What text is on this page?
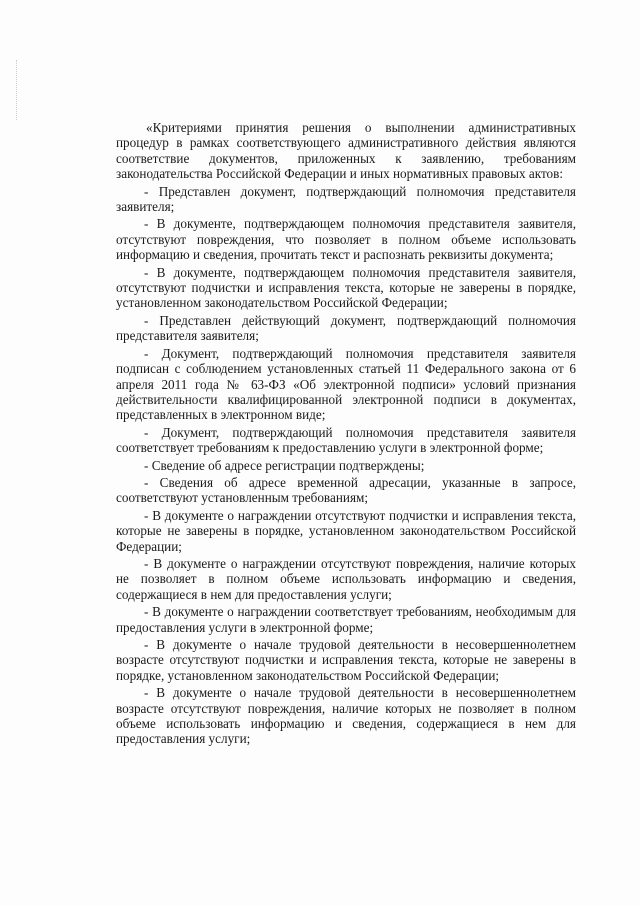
«Критериями принятия решения о выполнении административных процедур в рамках соответствующего административного действия являются соответствие документов, приложенных к заявлению, требованиям законодательства Российской Федерации и иных нормативных правовых актов:

- Представлен документ, подтверждающий полномочия представителя заявителя;

- В документе, подтверждающем полномочия представителя заявителя, отсутствуют повреждения, что позволяет в полном объеме использовать информацию и сведения, прочитать текст и распознать реквизиты документа;

- В документе, подтверждающем полномочия представителя заявителя, отсутствуют подчистки и исправления текста, которые не заверены в порядке, установленном законодательством Российской Федерации;

- Представлен действующий документ, подтверждающий полномочия представителя заявителя;

- Документ, подтверждающий полномочия представителя заявителя подписан с соблюдением установленных статьей 11 Федерального закона от 6 апреля 2011 года № 63-ФЗ «Об электронной подписи» условий признания действительности квалифицированной электронной подписи в документах, представленных в электронном виде;

- Документ, подтверждающий полномочия представителя заявителя соответствует требованиям к предоставлению услуги в электронной форме;

- Сведение об адресе регистрации подтверждены;

- Сведения об адресе временной адресации, указанные в запросе, соответствуют установленным требованиям;

- В документе о награждении отсутствуют подчистки и исправления текста, которые не заверены в порядке, установленном законодательством Российской Федерации;

- В документе о награждении отсутствуют повреждения, наличие которых не позволяет в полном объеме использовать информацию и сведения, содержащиеся в нем для предоставления услуги;

- В документе о награждении соответствует требованиям, необходимым для предоставления услуги в электронной форме;

- В документе о начале трудовой деятельности в несовершеннолетнем возрасте отсутствуют подчистки и исправления текста, которые не заверены в порядке, установленном законодательством Российской Федерации;

- В документе о начале трудовой деятельности в несовершеннолетнем возрасте отсутствуют повреждения, наличие которых не позволяет в полном объеме использовать информацию и сведения, содержащиеся в нем для предоставления услуги;
